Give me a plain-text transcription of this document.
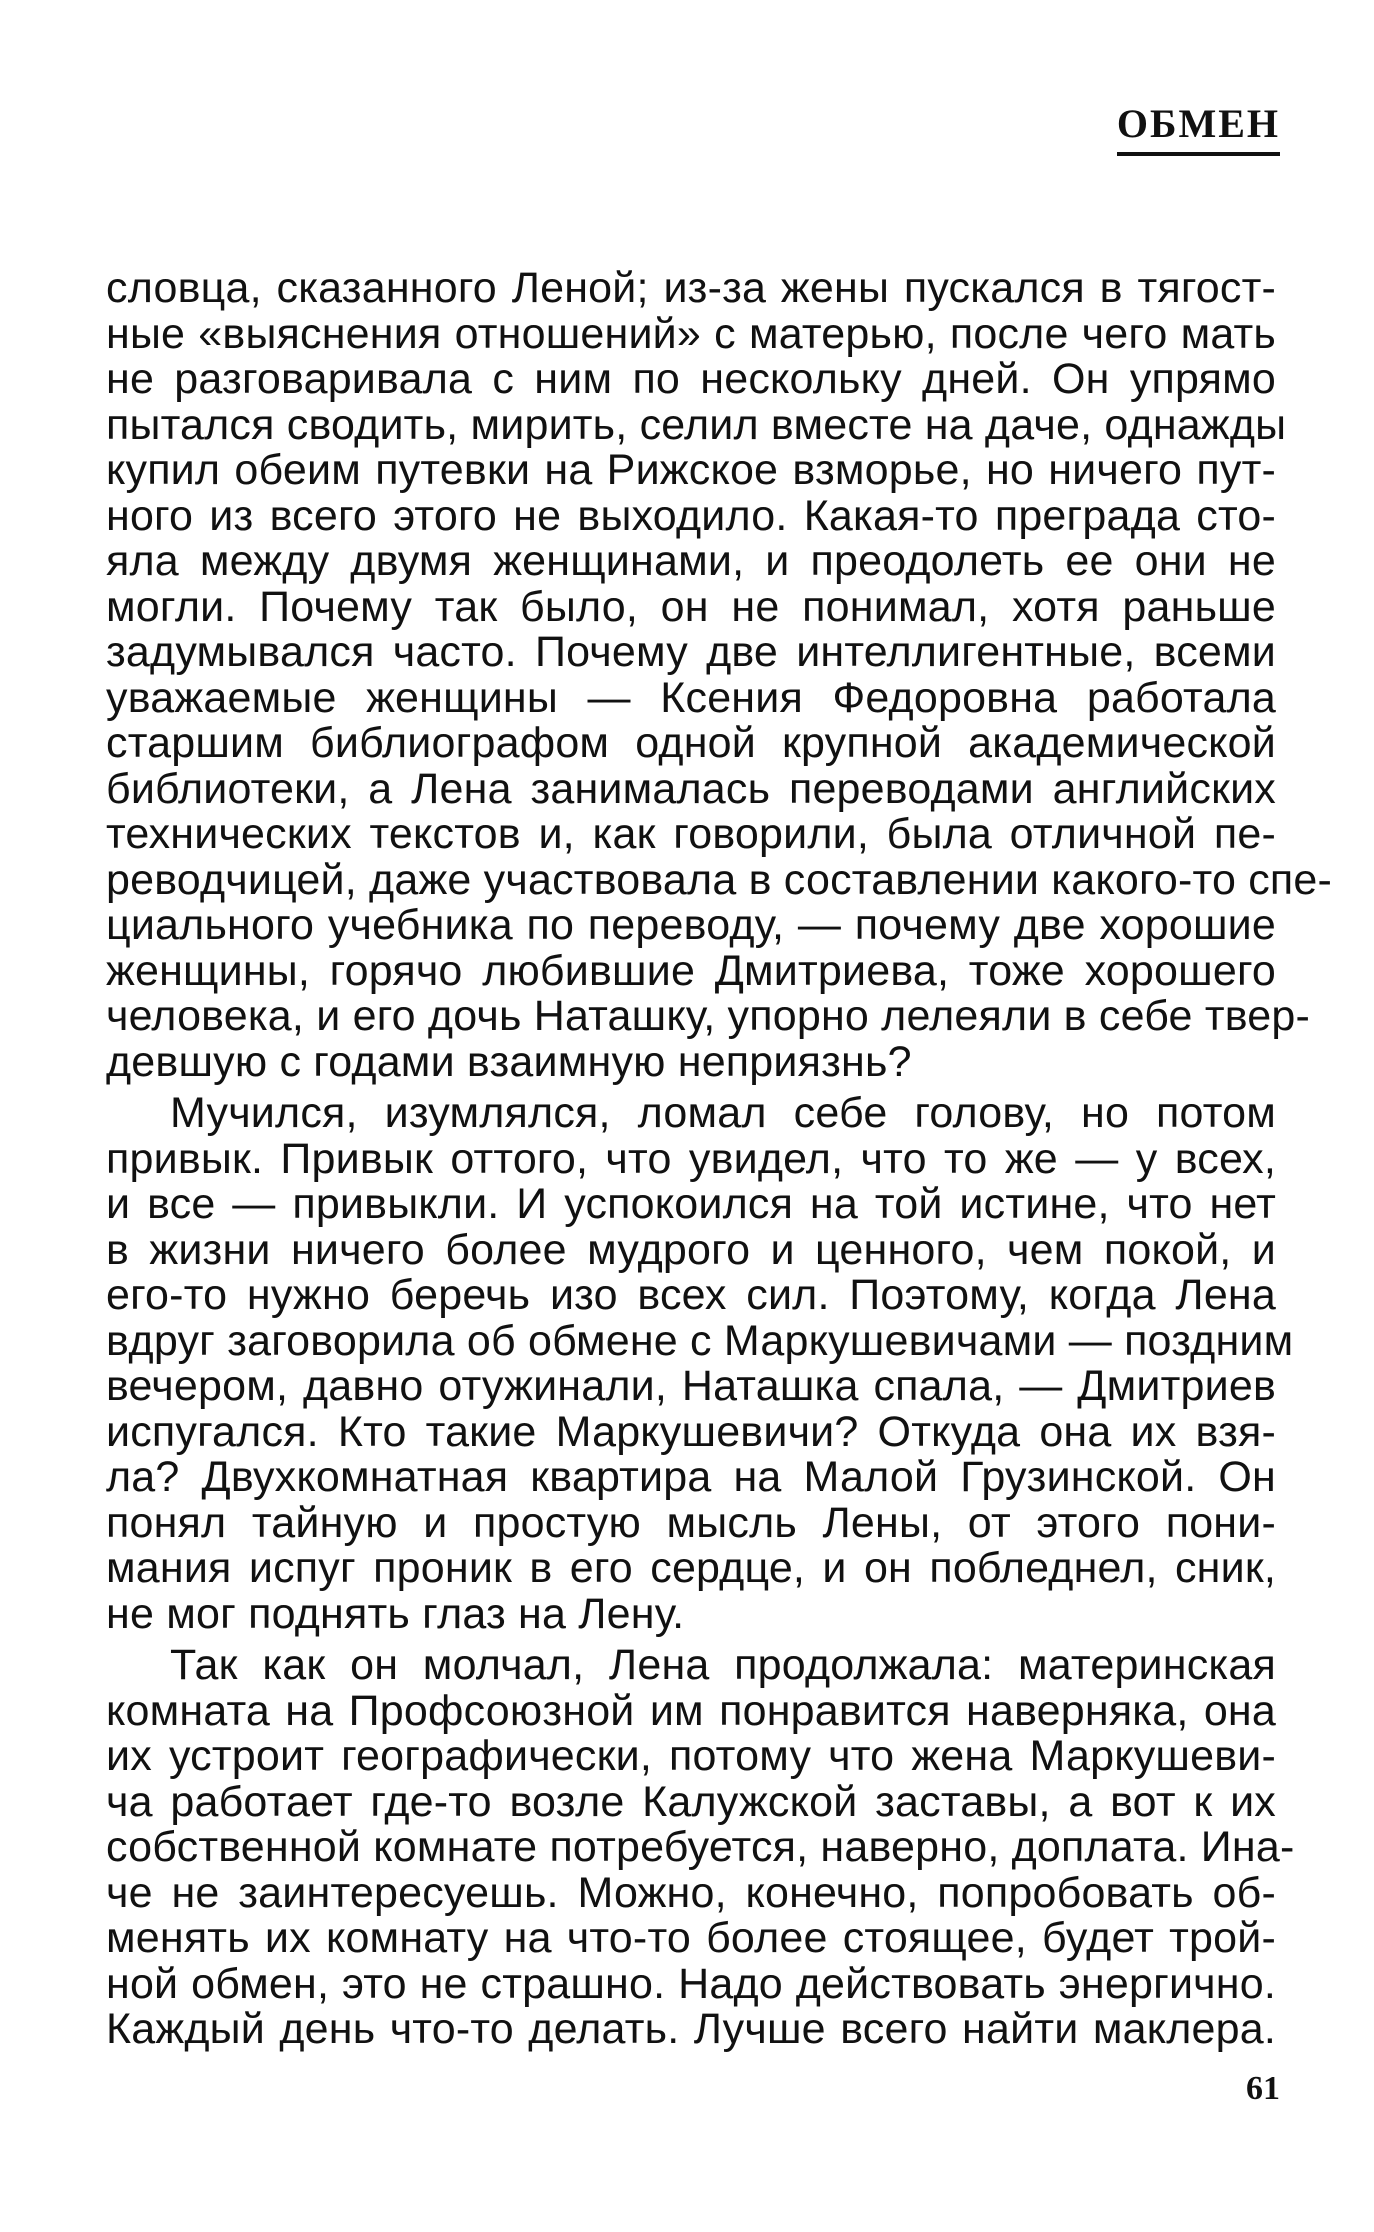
ОБМЕН
словца, сказанного Леной; из-за жены пускался в тягост-
ные «выяснения отношений» с матерью, после чего мать
не разговаривала с ним по нескольку дней. Он упрямо
пытался сводить, мирить, селил вместе на даче, однажды
купил обеим путевки на Рижское взморье, но ничего пут-
ного из всего этого не выходило. Какая-то преграда сто-
яла между двумя женщинами, и преодолеть ее они не
могли. Почему так было, он не понимал, хотя раньше
задумывался часто. Почему две интеллигентные, всеми
уважаемые женщины — Ксения Федоровна работала
старшим библиографом одной крупной академической
библиотеки, а Лена занималась переводами английских
технических текстов и, как говорили, была отличной пе-
реводчицей, даже участвовала в составлении какого-то спе-
циального учебника по переводу, — почему две хорошие
женщины, горячо любившие Дмитриева, тоже хорошего
человека, и его дочь Наташку, упорно лелеяли в себе твер-
девшую с годами взаимную неприязнь?
Мучился, изумлялся, ломал себе голову, но потом
привык. Привык оттого, что увидел, что то же — у всех,
и все — привыкли. И успокоился на той истине, что нет
в жизни ничего более мудрого и ценного, чем покой, и
его-то нужно беречь изо всех сил. Поэтому, когда Лена
вдруг заговорила об обмене с Маркушевичами — поздним
вечером, давно отужинали, Наташка спала, — Дмитриев
испугался. Кто такие Маркушевичи? Откуда она их взя-
ла? Двухкомнатная квартира на Малой Грузинской. Он
понял тайную и простую мысль Лены, от этого пони-
мания испуг проник в его сердце, и он побледнел, сник,
не мог поднять глаз на Лену.
Так как он молчал, Лена продолжала: материнская
комната на Профсоюзной им понравится наверняка, она
их устроит географически, потому что жена Маркушеви-
ча работает где-то возле Калужской заставы, а вот к их
собственной комнате потребуется, наверно, доплата. Ина-
че не заинтересуешь. Можно, конечно, попробовать об-
менять их комнату на что-то более стоящее, будет трой-
ной обмен, это не страшно. Надо действовать энергично.
Каждый день что-то делать. Лучше всего найти маклера.
61
